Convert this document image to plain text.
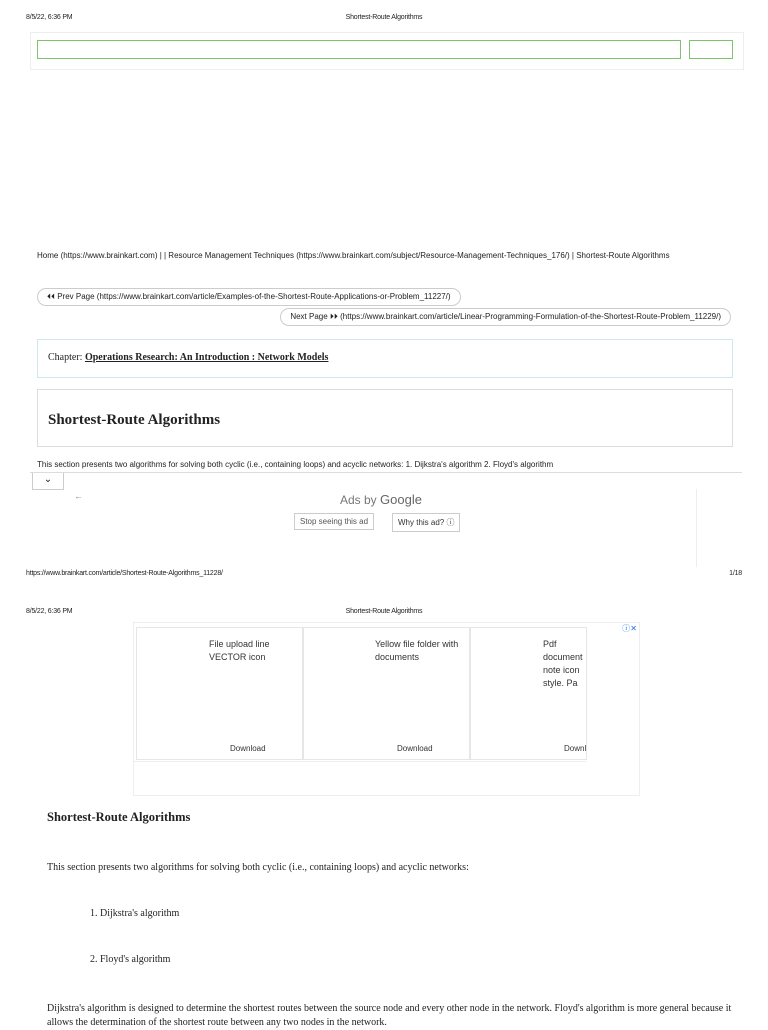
8/5/22, 6:36 PM	Shortest-Route Algorithms
Home (https://www.brainkart.com) | | Resource Management Techniques (https://www.brainkart.com/subject/Resource-Management-Techniques_176/) | Shortest-Route Algorithms
⏴⏴ Prev Page (https://www.brainkart.com/article/Examples-of-the-Shortest-Route-Applications-or-Problem_11227/)
Next Page ⏵⏵ (https://www.brainkart.com/article/Linear-Programming-Formulation-of-the-Shortest-Route-Problem_11229/)
Chapter: Operations Research: An Introduction : Network Models
Shortest-Route Algorithms
This section presents two algorithms for solving both cyclic (i.e., containing loops) and acyclic networks: 1. Dijkstra's algorithm 2. Floyd's algorithm
⌄
←	Ads by Google
Stop seeing this ad	Why this ad? ⓘ
https://www.brainkart.com/article/Shortest-Route-Algorithms_11228/	1/18
8/5/22, 6:36 PM	Shortest-Route Algorithms
ⓘ✕
File upload line VECTOR icon
Download
Yellow file folder with documents
Download
Pdf document note icon style. Pa
Downl
Shortest-Route Algorithms
This section presents two algorithms for solving both cyclic (i.e., containing loops) and acyclic networks:
1. Dijkstra's algorithm
2. Floyd's algorithm
Dijkstra's algorithm is designed to determine the shortest routes between the source node and every other node in the network. Floyd's algorithm is more general because it allows the determination of the shortest route between any two nodes in the network.
